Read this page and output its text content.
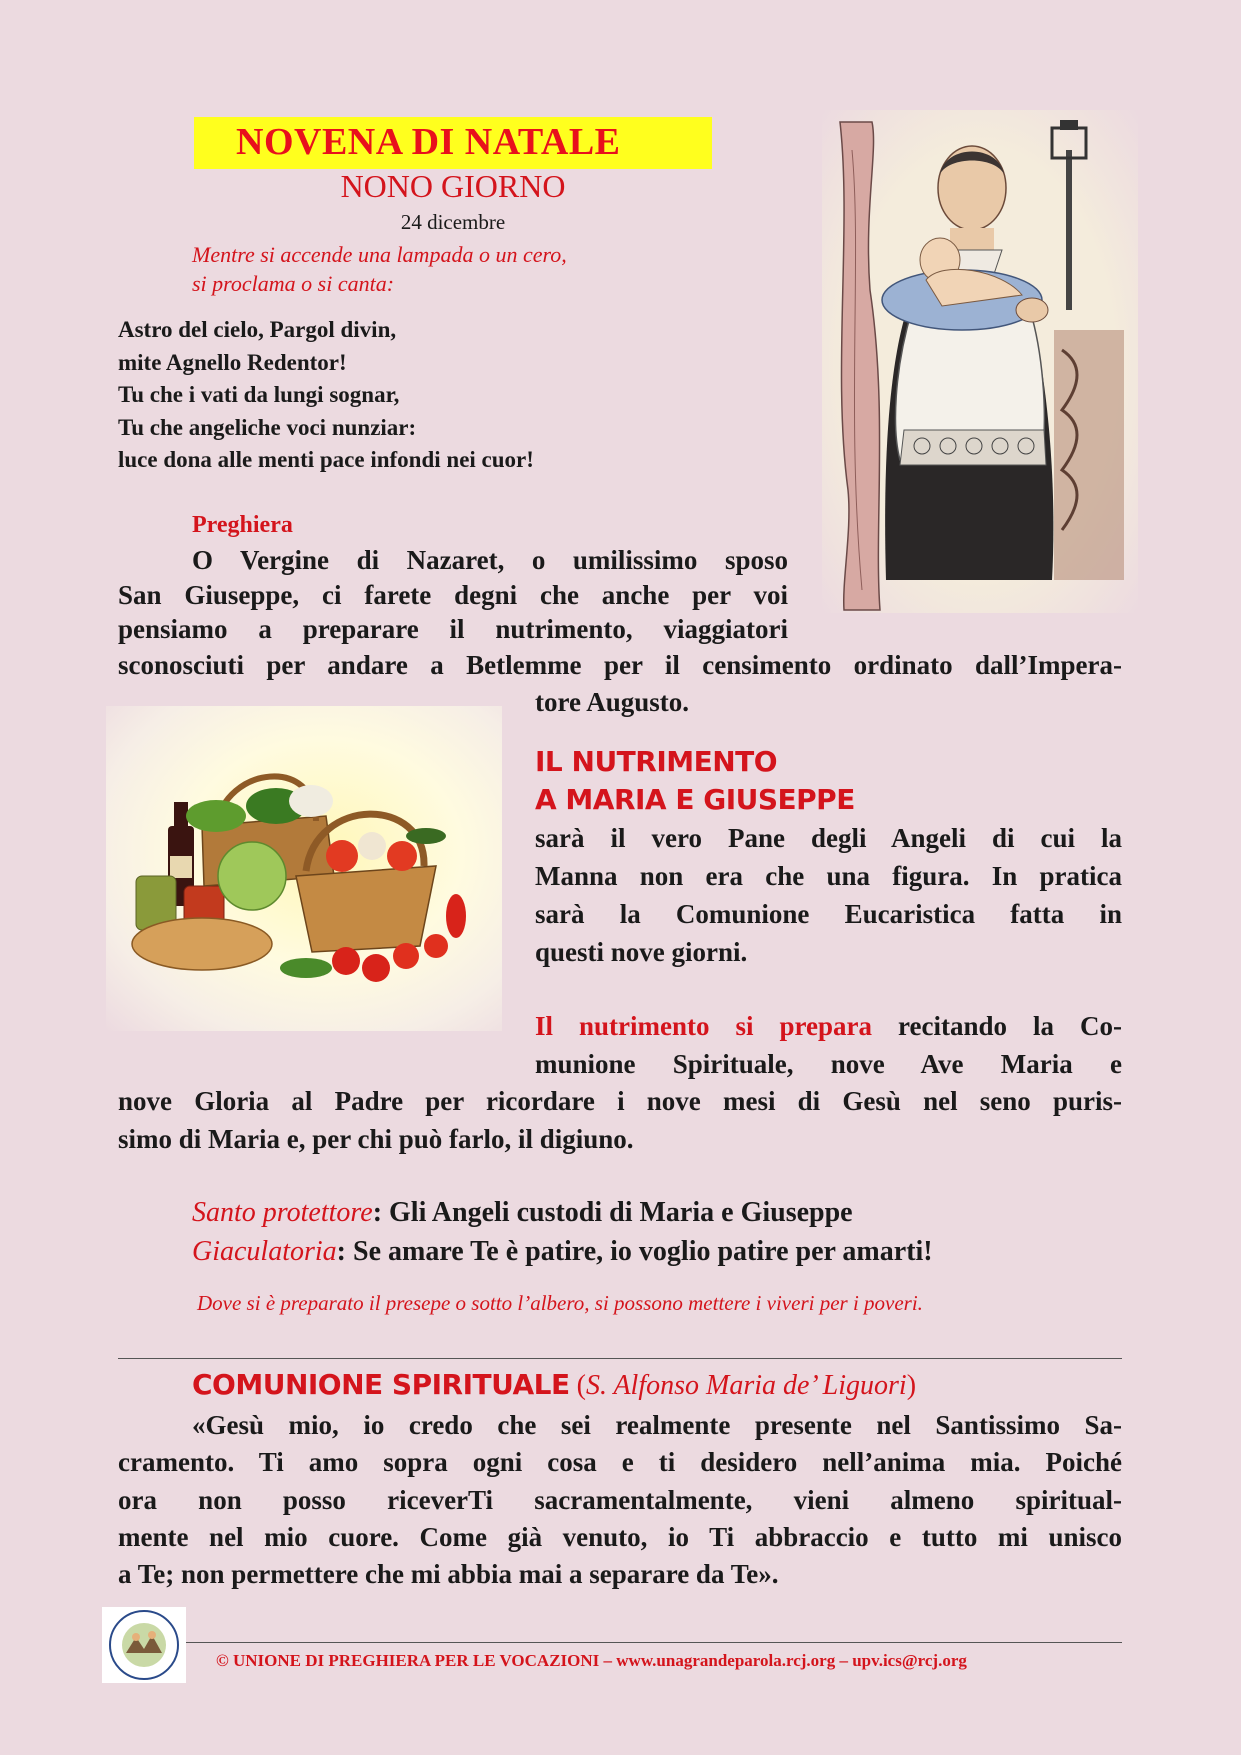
NOVENA DI NATALE
NONO GIORNO
24 dicembre
Mentre si accende una lampada o un cero,
si proclama o si canta:
Astro del cielo, Pargol divin,
mite Agnello Redentor!
Tu che i vati da lungi sognar,
Tu che angeliche voci nunziar:
luce dona alle menti pace infondi nei cuor!
Preghiera
O Vergine di Nazaret, o umilissimo sposo
San Giuseppe, ci farete degni che anche per voi
pensiamo a preparare il nutrimento, viaggiatori
sconosciuti per andare a Betlemme per il censimento ordinato dall’Impera-
tore Augusto.
IL NUTRIMENTO
A MARIA E GIUSEPPE
sarà il vero Pane degli Angeli di cui la
Manna non era che una figura. In pratica
sarà la Comunione Eucaristica fatta in
questi nove giorni.
Il nutrimento si prepara recitando la Co-
munione Spirituale, nove Ave Maria e
nove Gloria al Padre per ricordare i nove mesi di Gesù nel seno puris-
simo di Maria e, per chi può farlo, il digiuno.
Santo protettore: Gli Angeli custodi di Maria e Giuseppe
Giaculatoria: Se amare Te è patire, io voglio patire per amarti!
Dove si è preparato il presepe o sotto l’albero, si possono mettere i viveri per i poveri.
COMUNIONE SPIRITUALE (S. Alfonso Maria de’ Liguori)
«Gesù mio, io credo che sei realmente presente nel Santissimo Sa-
cramento. Ti amo sopra ogni cosa e ti desidero nell’anima mia. Poiché
ora non posso riceverTi sacramentalmente, vieni almeno spiritual-
mente nel mio cuore. Come già venuto, io Ti abbraccio e tutto mi unisco
a Te; non permettere che mi abbia mai a separare da Te».
© UNIONE DI PREGHIERA PER LE VOCAZIONI – www.unagrandeparola.rcj.org – upv.ics@rcj.org
